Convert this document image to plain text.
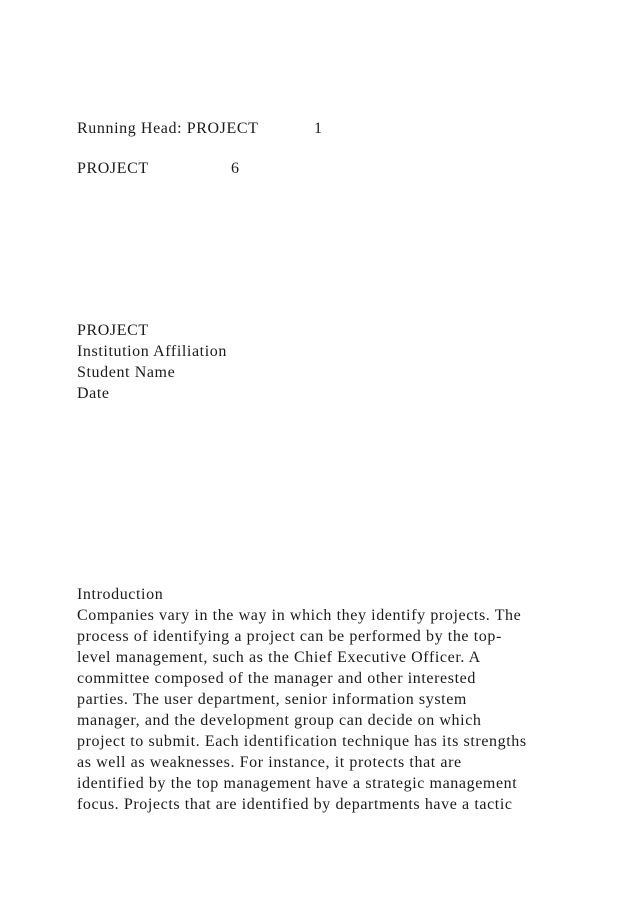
Running Head: PROJECT	1
PROJECT	6
PROJECT
Institution Affiliation
Student Name
Date
Introduction
Companies vary in the way in which they identify projects. The
process of identifying a project can be performed by the top-
level management, such as the Chief Executive Officer. A
committee composed of the manager and other interested
parties. The user department, senior information system
manager, and the development group can decide on which
project to submit. Each identification technique has its strengths
as well as weaknesses. For instance, it protects that are
identified by the top management have a strategic management
focus. Projects that are identified by departments have a tactic
